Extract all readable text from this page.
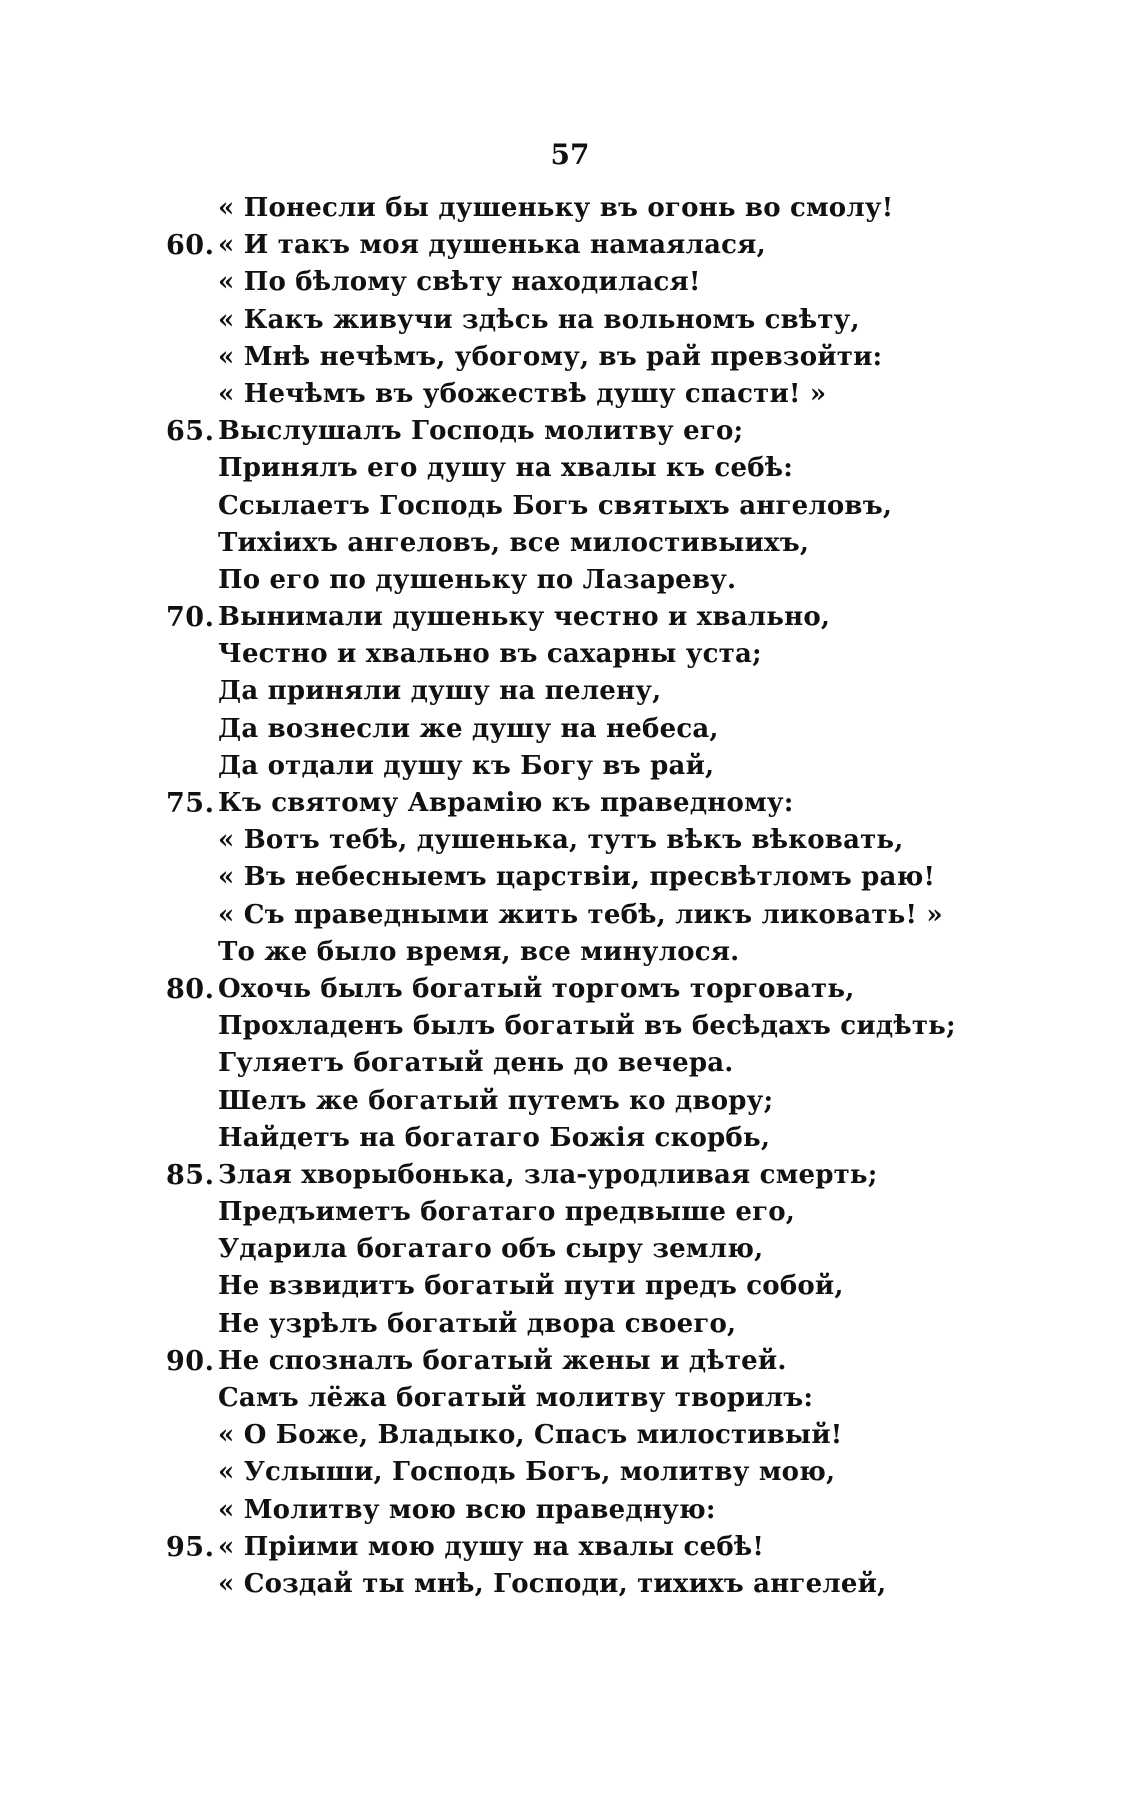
57
« Понесли бы душеньку въ огонь во смолу!
60. « И такъ моя душенька намаялася,
« По бѣлому свѣту находилася!
« Какъ живучи здѣсь на вольномъ свѣту,
« Мнѣ нечѣмъ, убогому, въ рай превзойти:
« Нечѣмъ въ убожествѣ душу спасти! »
65. Выслушалъ Господь молитву его;
Принялъ его душу на хвалы къ себѣ:
Ссылаетъ Господь Богъ святыхъ ангеловъ,
Тихiихъ ангеловъ, все милостивыихъ,
По его по душеньку по Лазареву.
70. Вынимали душеньку честно и хвально,
Честно и хвально въ сахарны уста;
Да приняли душу на пелену,
Да вознесли же душу на небеса,
Да отдали душу къ Богу въ рай,
75. Къ святому Аврамiю къ праведному:
« Вотъ тебѣ, душенька, тутъ вѣкъ вѣковать,
« Въ небесныемъ царствiи, пресвѣтломъ раю!
« Съ праведными жить тебѣ, ликъ ликовать! »
То же было время, все минулося.
80. Охочь былъ богатый торгомъ торговать,
Прохладенъ былъ богатый въ бесѣдахъ сидѣть;
Гуляетъ богатый день до вечера.
Шелъ же богатый путемъ ко двору;
Найдетъ на богатаго Божiя скорбь,
85. Злая хворыбонька, зла-уродливая смерть;
Предъиметъ богатаго предвыше его,
Ударила богатаго объ сыру землю,
Не взвидитъ богатый пути предъ собой,
Не узрѣлъ богатый двора своего,
90. Не спозналъ богатый жены и дѣтей.
Самъ лёжа богатый молитву творилъ:
« О Боже, Владыко, Спасъ милостивый!
« Услыши, Господь Богъ, молитву мою,
« Молитву мою всю праведную:
95. « Прiими мою душу на хвалы себѣ!
« Создай ты мнѣ, Господи, тихихъ ангелей,
